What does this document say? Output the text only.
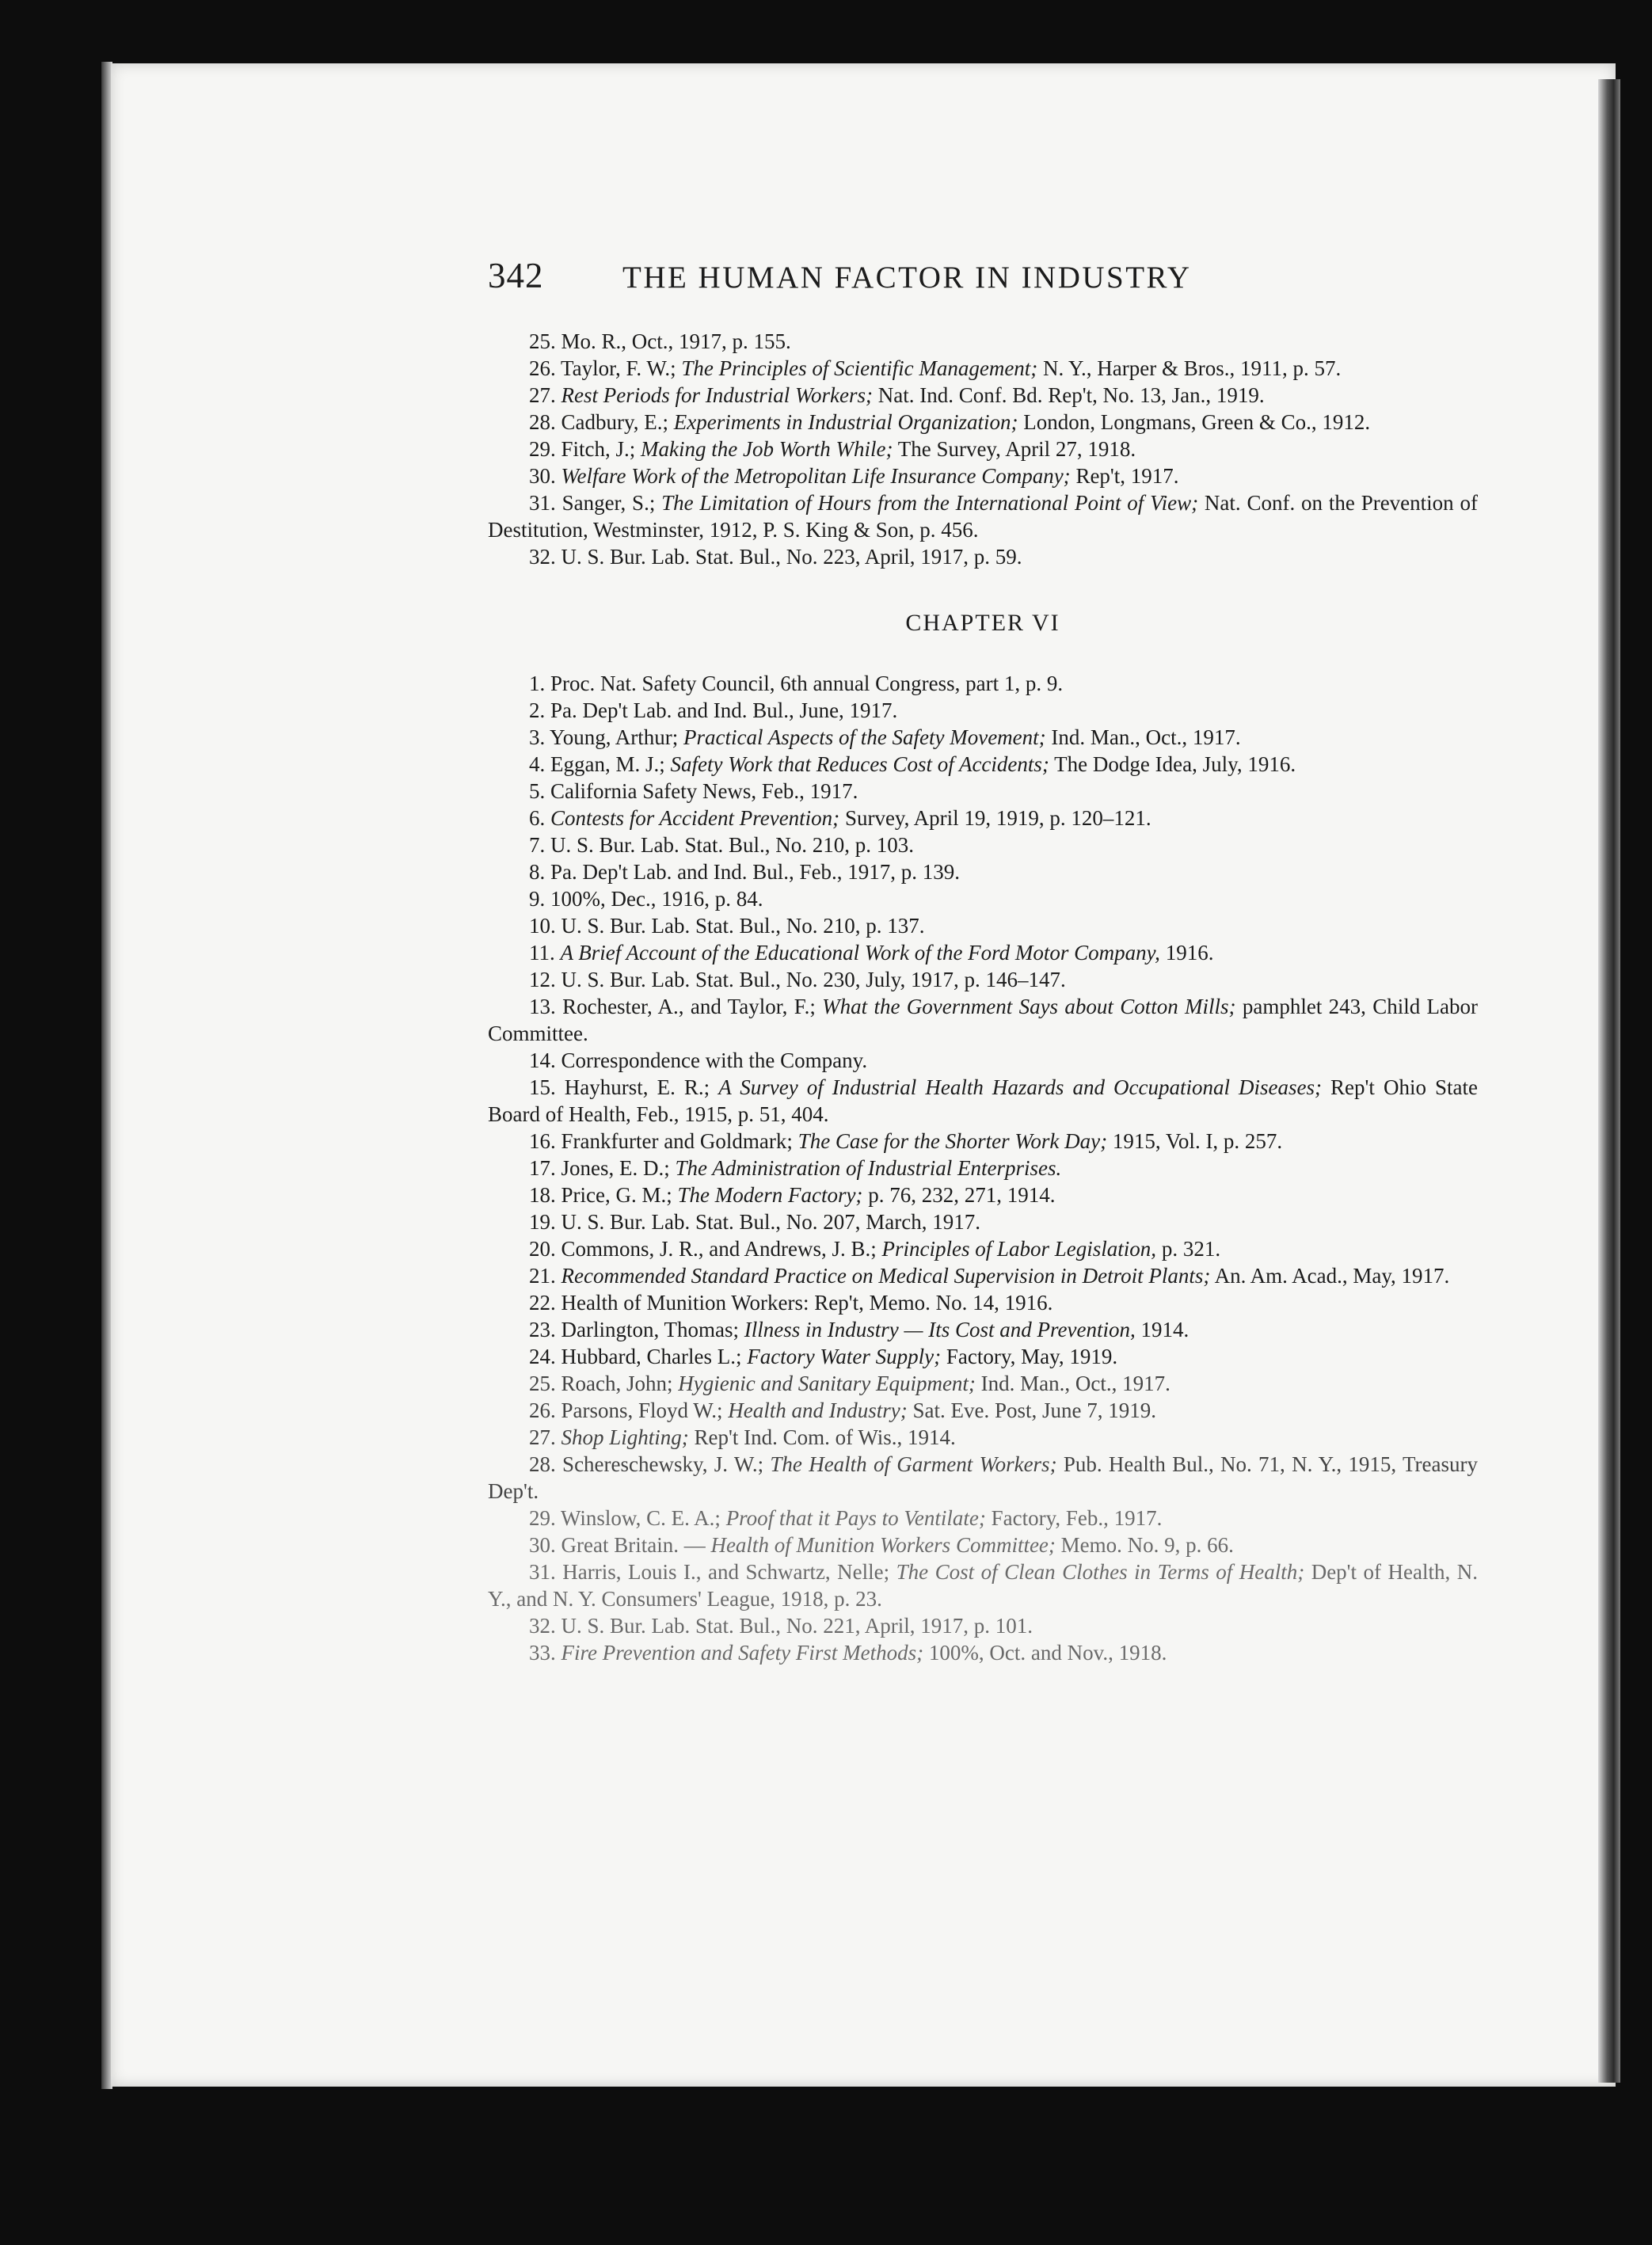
342	THE HUMAN FACTOR IN INDUSTRY

25. Mo. R., Oct., 1917, p. 155.

26. Taylor, F. W.; The Principles of Scientific Management; N. Y., Harper & Bros., 1911, p. 57.

27. Rest Periods for Industrial Workers; Nat. Ind. Conf. Bd. Rep't, No. 13, Jan., 1919.

28. Cadbury, E.; Experiments in Industrial Organization; London, Longmans, Green & Co., 1912.

29. Fitch, J.; Making the Job Worth While; The Survey, April 27, 1918.

30. Welfare Work of the Metropolitan Life Insurance Company; Rep't, 1917.

31. Sanger, S.; The Limitation of Hours from the International Point of View; Nat. Conf. on the Prevention of Destitution, Westminster, 1912, P. S. King & Son, p. 456.

32. U. S. Bur. Lab. Stat. Bul., No. 223, April, 1917, p. 59.

CHAPTER VI

1. Proc. Nat. Safety Council, 6th annual Congress, part 1, p. 9.

2. Pa. Dep't Lab. and Ind. Bul., June, 1917.

3. Young, Arthur; Practical Aspects of the Safety Movement; Ind. Man., Oct., 1917.

4. Eggan, M. J.; Safety Work that Reduces Cost of Accidents; The Dodge Idea, July, 1916.

5. California Safety News, Feb., 1917.

6. Contests for Accident Prevention; Survey, April 19, 1919, p. 120–121.

7. U. S. Bur. Lab. Stat. Bul., No. 210, p. 103.

8. Pa. Dep't Lab. and Ind. Bul., Feb., 1917, p. 139.

9. 100%, Dec., 1916, p. 84.

10. U. S. Bur. Lab. Stat. Bul., No. 210, p. 137.

11. A Brief Account of the Educational Work of the Ford Motor Company, 1916.

12. U. S. Bur. Lab. Stat. Bul., No. 230, July, 1917, p. 146–147.

13. Rochester, A., and Taylor, F.; What the Government Says about Cotton Mills; pamphlet 243, Child Labor Committee.

14. Correspondence with the Company.

15. Hayhurst, E. R.; A Survey of Industrial Health Hazards and Occupational Diseases; Rep't Ohio State Board of Health, Feb., 1915, p. 51, 404.

16. Frankfurter and Goldmark; The Case for the Shorter Work Day; 1915, Vol. I, p. 257.

17. Jones, E. D.; The Administration of Industrial Enterprises.

18. Price, G. M.; The Modern Factory; p. 76, 232, 271, 1914.

19. U. S. Bur. Lab. Stat. Bul., No. 207, March, 1917.

20. Commons, J. R., and Andrews, J. B.; Principles of Labor Legislation, p. 321.

21. Recommended Standard Practice on Medical Supervision in Detroit Plants; An. Am. Acad., May, 1917.

22. Health of Munition Workers: Rep't, Memo. No. 14, 1916.

23. Darlington, Thomas; Illness in Industry — Its Cost and Prevention, 1914.

24. Hubbard, Charles L.; Factory Water Supply; Factory, May, 1919.

25. Roach, John; Hygienic and Sanitary Equipment; Ind. Man., Oct., 1917.

26. Parsons, Floyd W.; Health and Industry; Sat. Eve. Post, June 7, 1919.

27. Shop Lighting; Rep't Ind. Com. of Wis., 1914.

28. Schereschewsky, J. W.; The Health of Garment Workers; Pub. Health Bul., No. 71, N. Y., 1915, Treasury Dep't.

29. Winslow, C. E. A.; Proof that it Pays to Ventilate; Factory, Feb., 1917.

30. Great Britain. — Health of Munition Workers Committee; Memo. No. 9, p. 66.

31. Harris, Louis I., and Schwartz, Nelle; The Cost of Clean Clothes in Terms of Health; Dep't of Health, N. Y., and N. Y. Consumers' League, 1918, p. 23.

32. U. S. Bur. Lab. Stat. Bul., No. 221, April, 1917, p. 101.

33. Fire Prevention and Safety First Methods; 100%, Oct. and Nov., 1918.
